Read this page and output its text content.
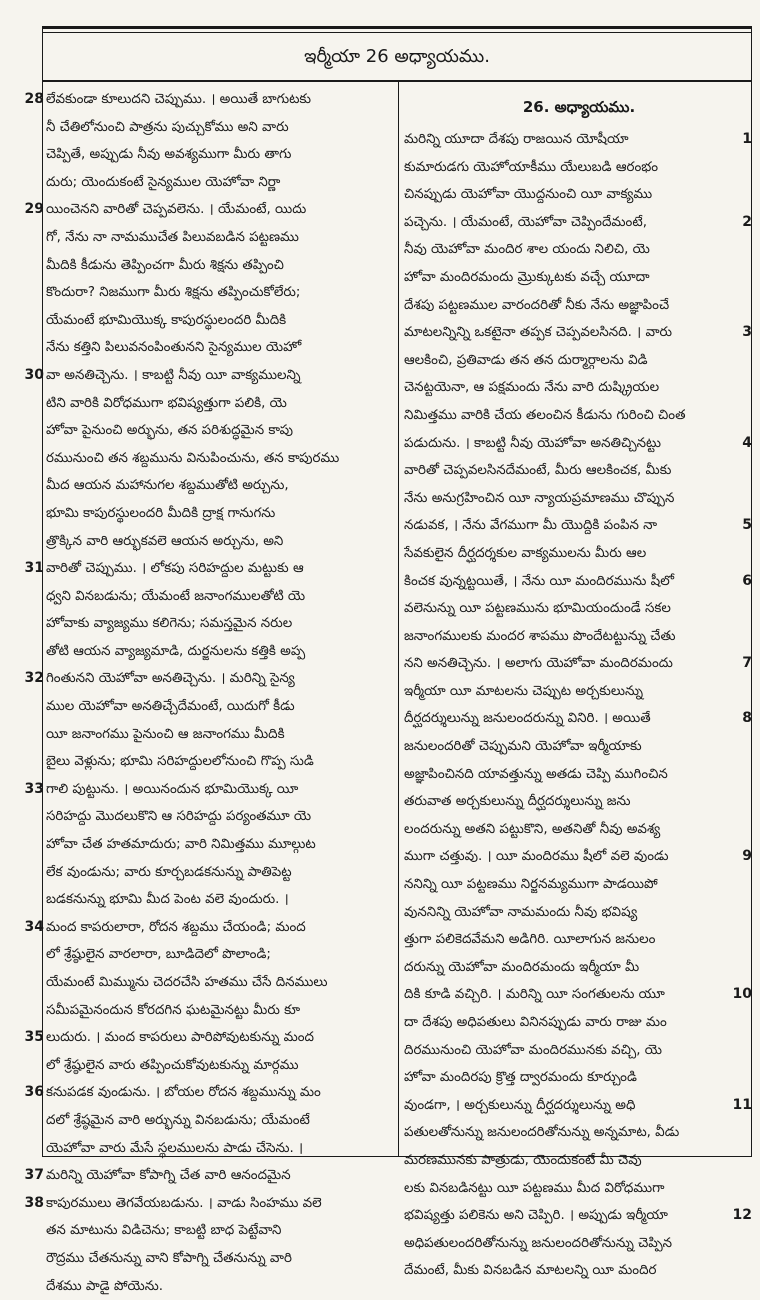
ఇర్మీయా 26 అధ్యాయము.
28 లేవకుండా కూలుదని చెప్పుము. । అయితే బాగుటకు
నీ చేతిలోనుంచి పాత్రను పుచ్చుకోము అని వారు
చెప్పితే, అప్పుడు నీవు అవశ్యముగా మీరు తాగు
దురు; యెందుకంటే సైన్యముల యెహోవా నిర్ణా
29 యించెనని వారితో చెప్పవలెను. । యేమంటే, యిదు
గో, నేను నా నామముచేత పిలువబడిన పట్టణము
మీదికి కీడును తెప్పించగా మీరు శిక్షను తప్పించి
కొందురా? నిజముగా మీరు శిక్షను తప్పించుకోలేరు;
యేమంటే భూమియొక్క కాపురస్థులందరి మీదికి
నేను కత్తిని పిలువనంపింతునని సైన్యముల యెహో
30 వా అనతిచ్చెను. । కాబట్టి నీవు యీ వాక్యములన్ని
టిని వారికి విరోధముగా భవిష్యత్తుగా పలికి, యె
హోవా పైనుంచి అర్భును, తన పరిశుద్ధమైన కాపు
రమునుంచి తన శబ్దమును వినుపించును, తన కాపురము
మీద ఆయన మహానుగల శబ్దముతోటి అర్చును,
భూమి కాపురస్థులందరి మీదికి ద్రాక్ష గానుగను
త్రొక్కిన వారి ఆర్భుకవలె ఆయన అర్చును, అని
31 వారితో చెప్పుము. । లోకపు సరిహద్దుల మట్టుకు ఆ
ధ్వని వినబడును; యేమంటే జనాంగములతోటి యె
హోవాకు వ్యాజ్యము కలిగెను; సమస్తమైన నరుల
తోటి ఆయన వ్యాజ్యమాడి, దుర్జనులను కత్తికి అప్ప
32 గింతునని యెహోవా అనతిచ్చెను. । మరిన్ని సైన్య
ముల యెహోవా అనతిచ్చేదేమంటే, యిదుగో కీడు
యీ జనాంగము పైనుంచి ఆ జనాంగము మీదికి
బైలు వెళ్లును; భూమి సరిహద్దులలోనుంచి గొప్ప సుడి
33 గాలి పుట్టును. । అయినందున భూమియొక్క యీ
సరిహద్దు మొదలుకొని ఆ సరిహద్దు పర్యంతమూ యె
హోవా చేత హతమాదురు; వారి నిమిత్తము మూల్గుట
లేక వుండును; వారు కూర్చబడకనున్ను పాతిపెట్ట
బడకనున్ను భూమి మీద పెంట వలె వుందురు. ।
34 మంద కాపరులారా, రోదన శబ్దము చేయండి; మంద
లో శ్రేష్ఠులైన వారలారా, బూడిదెలో పొలాండి;
యేమంటే మిమ్మును చెదరచేసి హతము చేసే దినములు
సమీపమైనందున కోరదగిన ఘటమైనట్టు మీరు కూ
35 లుదురు. । మంద కాపరులు పారిపోవుటకున్ను మంద
లో శ్రేష్ఠులైన వారు తప్పించుకోవుటకున్ను మార్గము
36 కనుపడక వుండును. । బోయల రోదన శబ్దమున్ను మం
దలో శ్రేష్ఠమైన వారి అర్భున్ను వినబడును; యేమంటే
యెహోవా వారు మేసే స్థలములను పాడు చేసెను. ।
37 మరిన్ని యెహోవా కోపాగ్ని చేత వారి ఆనందమైన
38 కాపురములు తెగవేయబడును. । వాడు సింహము వలె
తన మాటును విడిచెను; కాబట్టి బాధ పెట్టేవాని
రౌద్రము చేతనున్ను వాని కోపాగ్ని చేతనున్ను వారి
దేశము పాడై పోయెను.
26. అధ్యాయము.
1
మరిన్ని యూదా దేశపు రాజయిన యోషీయా
కుమారుడగు యెహోయాకీము యేలుబడి ఆరంభం
చినప్పుడు యెహోవా యొద్దనుంచి యీ వాక్యము
2
పచ్చెను. । యేమంటే, యెహోవా చెప్పిందేమంటే,
నీవు యెహోవా మందిర శాల యందు నిలిచి, యె
హోవా మందిరమందు మ్రొక్కుటకు వచ్చే యూదా
దేశపు పట్టణముల వారందరితో నీకు నేను అజ్ఞాపించే
3
మాటలన్నిన్ని ఒకటైనా తప్పక చెప్పవలసినది. । వారు
ఆలకించి, ప్రతివాడు తన తన దుర్మార్గాలను విడి
చెనట్టయెనా, ఆ పక్షమందు నేను వారి దుష్క్రియల
నిమిత్తము వారికి చేయ తలంచిన కీడును గురించి చింత
4
పడుదును. । కాబట్టి నీవు యెహోవా అనతిచ్చినట్టు
వారితో చెప్పవలసినదేమంటే, మీరు ఆలకించక, మీకు
నేను అనుగ్రహించిన యీ న్యాయప్రమాణము చొప్పున
5
నడువక, । నేను వేగముగా మీ యొద్దికి పంపిన నా
సేవకులైన దీర్ఘదర్శకుల వాక్యములను మీరు ఆల
6
కించక వున్నట్టయితే, । నేను యీ మందిరమును షీలో
వలెనున్ను యీ పట్టణమును భూమియందుండే సకల
జనాంగములకు మందర శాపము పొందేటట్టున్ను చేతు
7
నని అనతిచ్చెను. । అలాగు యెహోవా మందిరమందు
ఇర్మీయా యీ మాటలను చెప్పుట అర్చకులున్ను
8
దీర్ఘదర్శులున్ను జనులందరున్ను వినిరి. । అయితే
జనులందరితో చెప్పుమని యెహోవా ఇర్మీయాకు
అజ్ఞాపించినది యావత్తున్ను అతడు చెప్పి ముగించిన
తరువాత అర్చకులున్ను దీర్ఘదర్శులున్ను జను
లందరున్ను అతని పట్టుకొని, అతనితో నీవు అవశ్య
9
ముగా చత్తువు. । యీ మందిరము షీలో వలె వుండు
ననిన్ని యీ పట్టణము నిర్జనమ్యముగా పాడయిపో
వుననిన్ని యెహోవా నామమందు నీవు భవిష్య
త్తుగా పలికెదవేమని అడిగిరి. యీలాగున జనులం
దరున్ను యెహోవా మందిరమందు ఇర్మీయా మీ
10
దికి కూడి వచ్చిరి. । మరిన్ని యీ సంగతులను యూ
దా దేశపు అధిపతులు వినినప్పుడు వారు రాజు మం
దిరమునుంచి యెహోవా మందిరమునకు వచ్చి, యె
హోవా మందిరపు క్రొత్త ద్వారమందు కూర్చుండి
11
వుండగా, । అర్చకులున్ను దీర్ఘదర్శులున్ను అధి
పతులతోనున్ను జనులందరితోనున్ను అన్నమాట, వీడు
మరణమునకు పాత్రుడు, యెందుకంటే మీ చెవు
లకు వినబడినట్టు యీ పట్టణము మీద విరోధముగా
12
భవిష్యత్తు పలికెను అని చెప్పిరి. । అప్పుడు ఇర్మీయా
అధిపతులందరితోనున్ను జనులందరితోనున్ను చెప్పిన
దేమంటే, మీకు వినబడిన మాటలన్ని యీ మందిర
